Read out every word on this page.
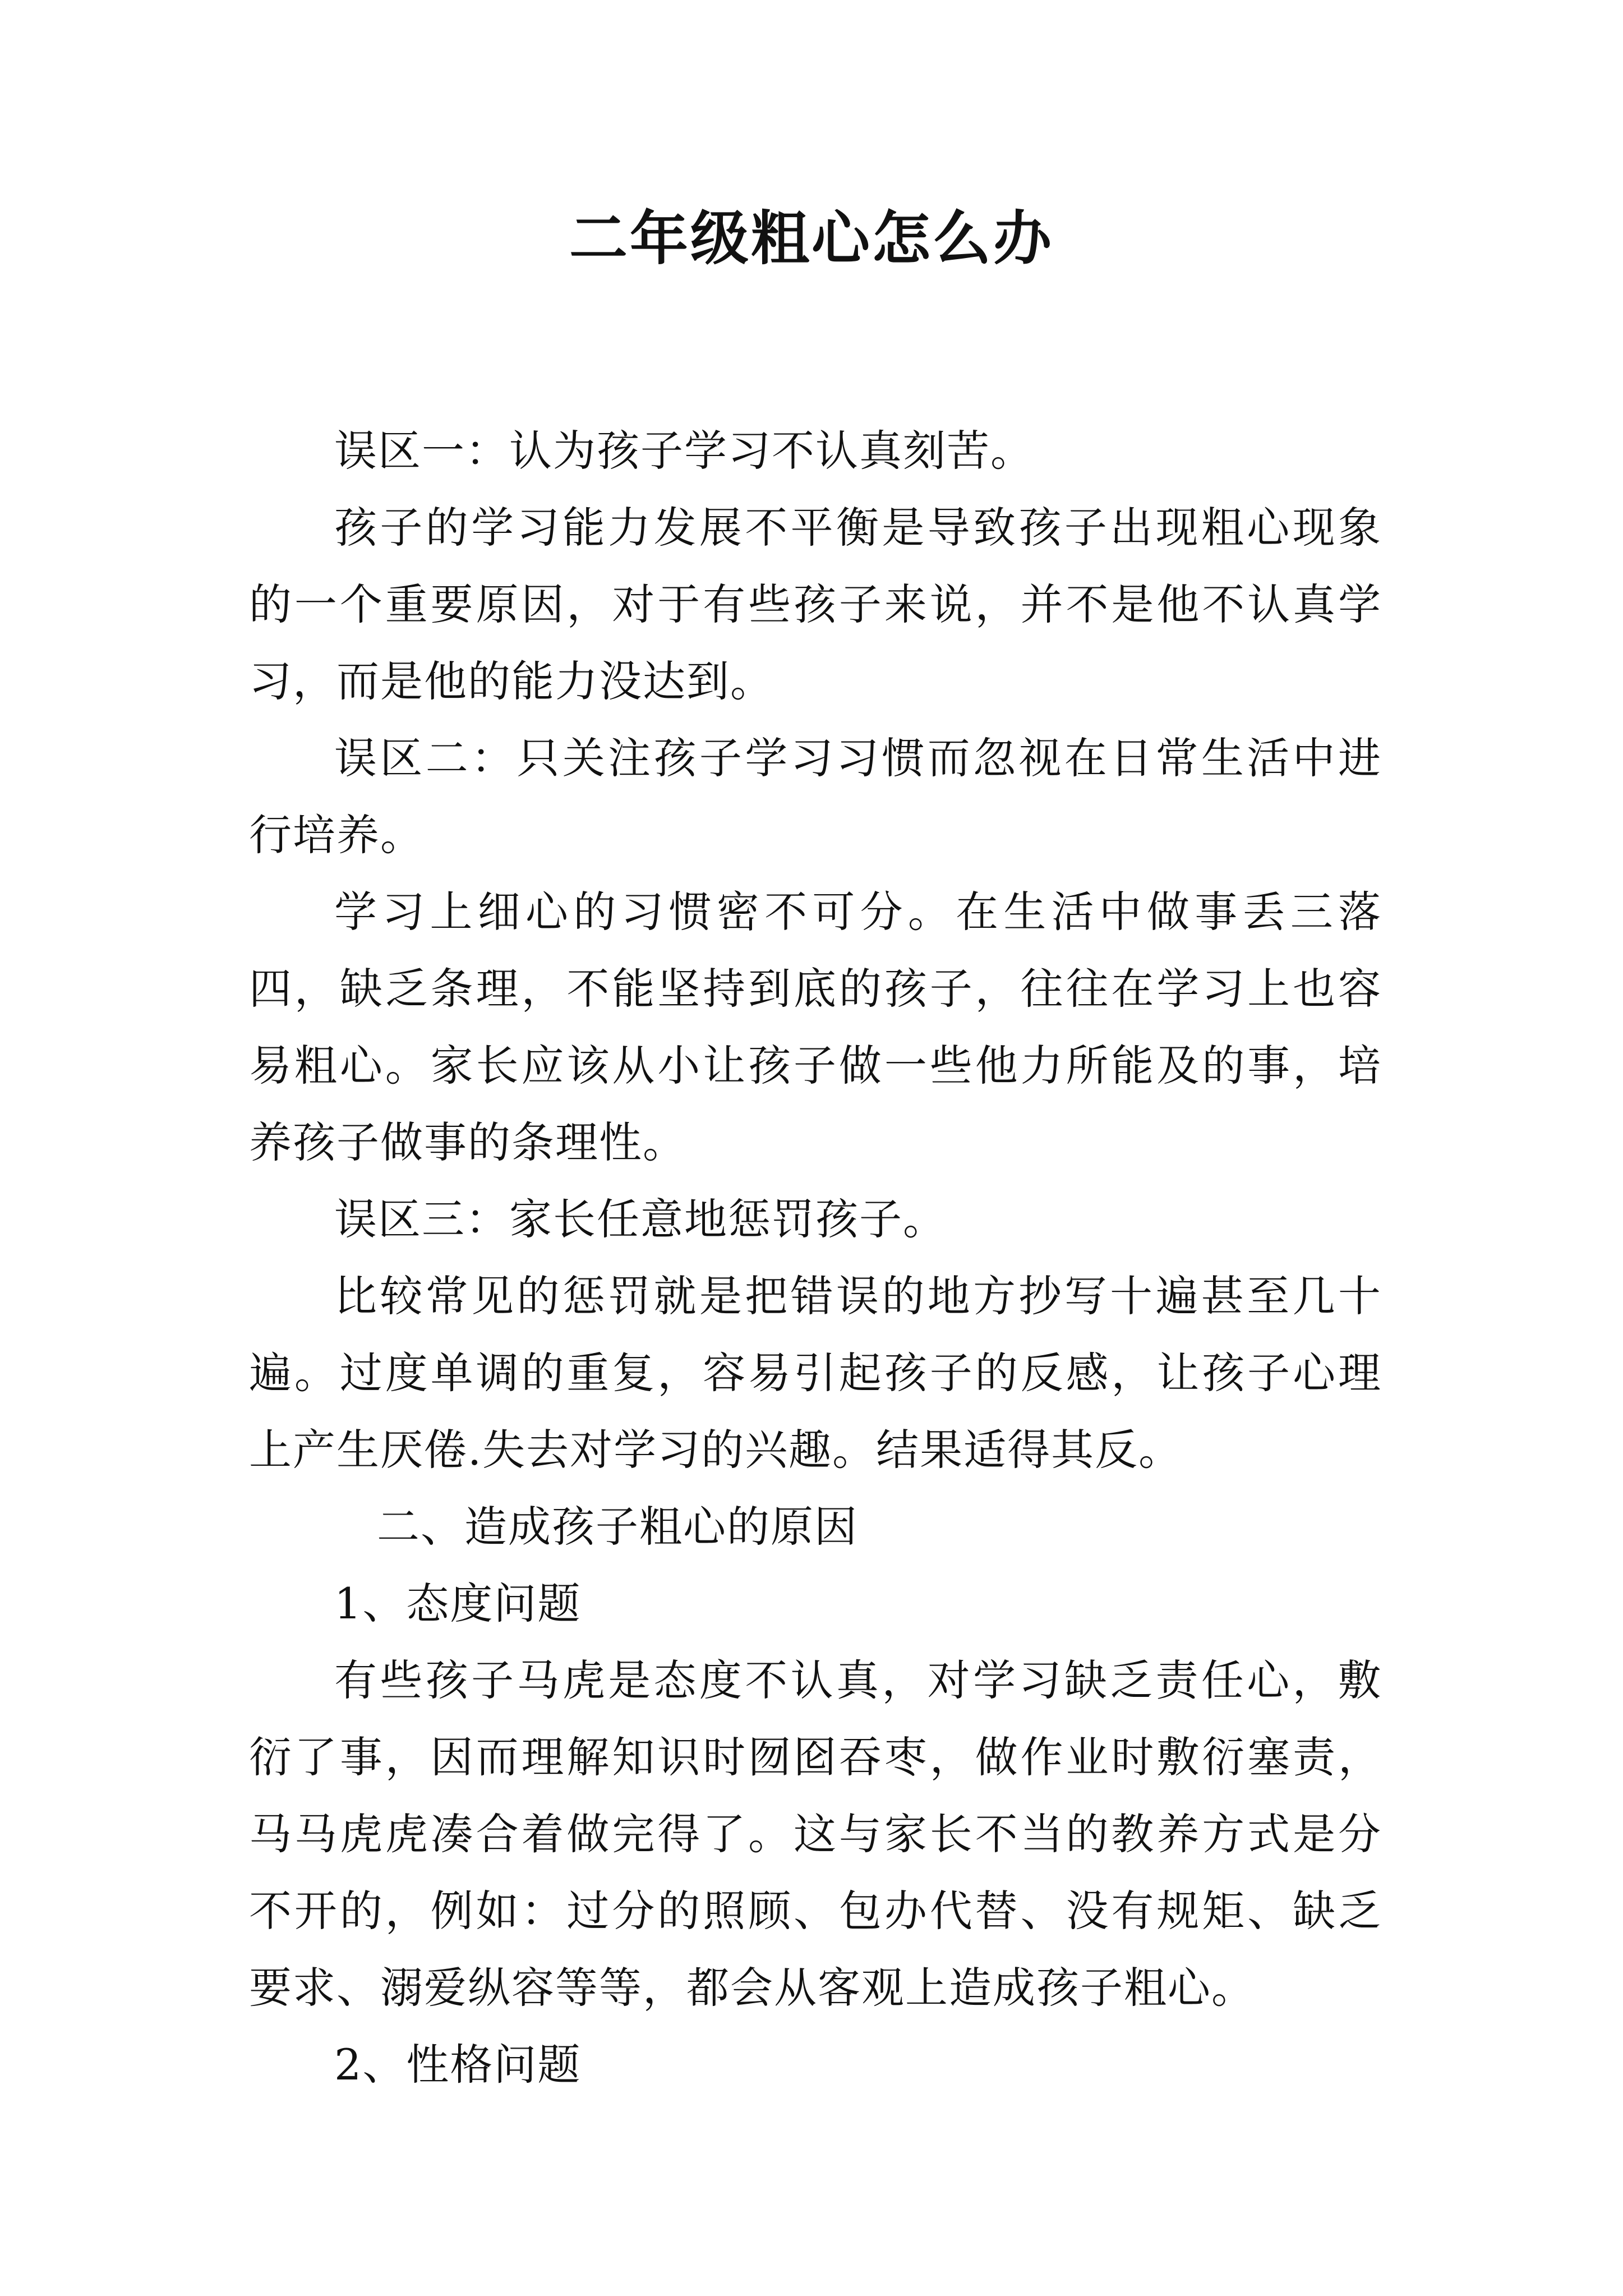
二年级粗心怎么办

误区一：认为孩子学习不认真刻苦。

孩子的学习能力发展不平衡是导致孩子出现粗心现象的一个重要原因，对于有些孩子来说，并不是他不认真学习，而是他的能力没达到。

误区二：只关注孩子学习习惯而忽视在日常生活中进行培养。

学习上细心的习惯密不可分。在生活中做事丢三落四，缺乏条理，不能坚持到底的孩子，往往在学习上也容易粗心。家长应该从小让孩子做一些他力所能及的事，培养孩子做事的条理性。

误区三：家长任意地惩罚孩子。

比较常见的惩罚就是把错误的地方抄写十遍甚至几十遍。过度单调的重复，容易引起孩子的反感，让孩子心理上产生厌倦.失去对学习的兴趣。结果适得其反。

二、造成孩子粗心的原因

1、态度问题

有些孩子马虎是态度不认真，对学习缺乏责任心，敷衍了事，因而理解知识时囫囵吞枣，做作业时敷衍塞责，马马虎虎凑合着做完得了。这与家长不当的教养方式是分不开的，例如：过分的照顾、包办代替、没有规矩、缺乏要求、溺爱纵容等等，都会从客观上造成孩子粗心。

2、性格问题
